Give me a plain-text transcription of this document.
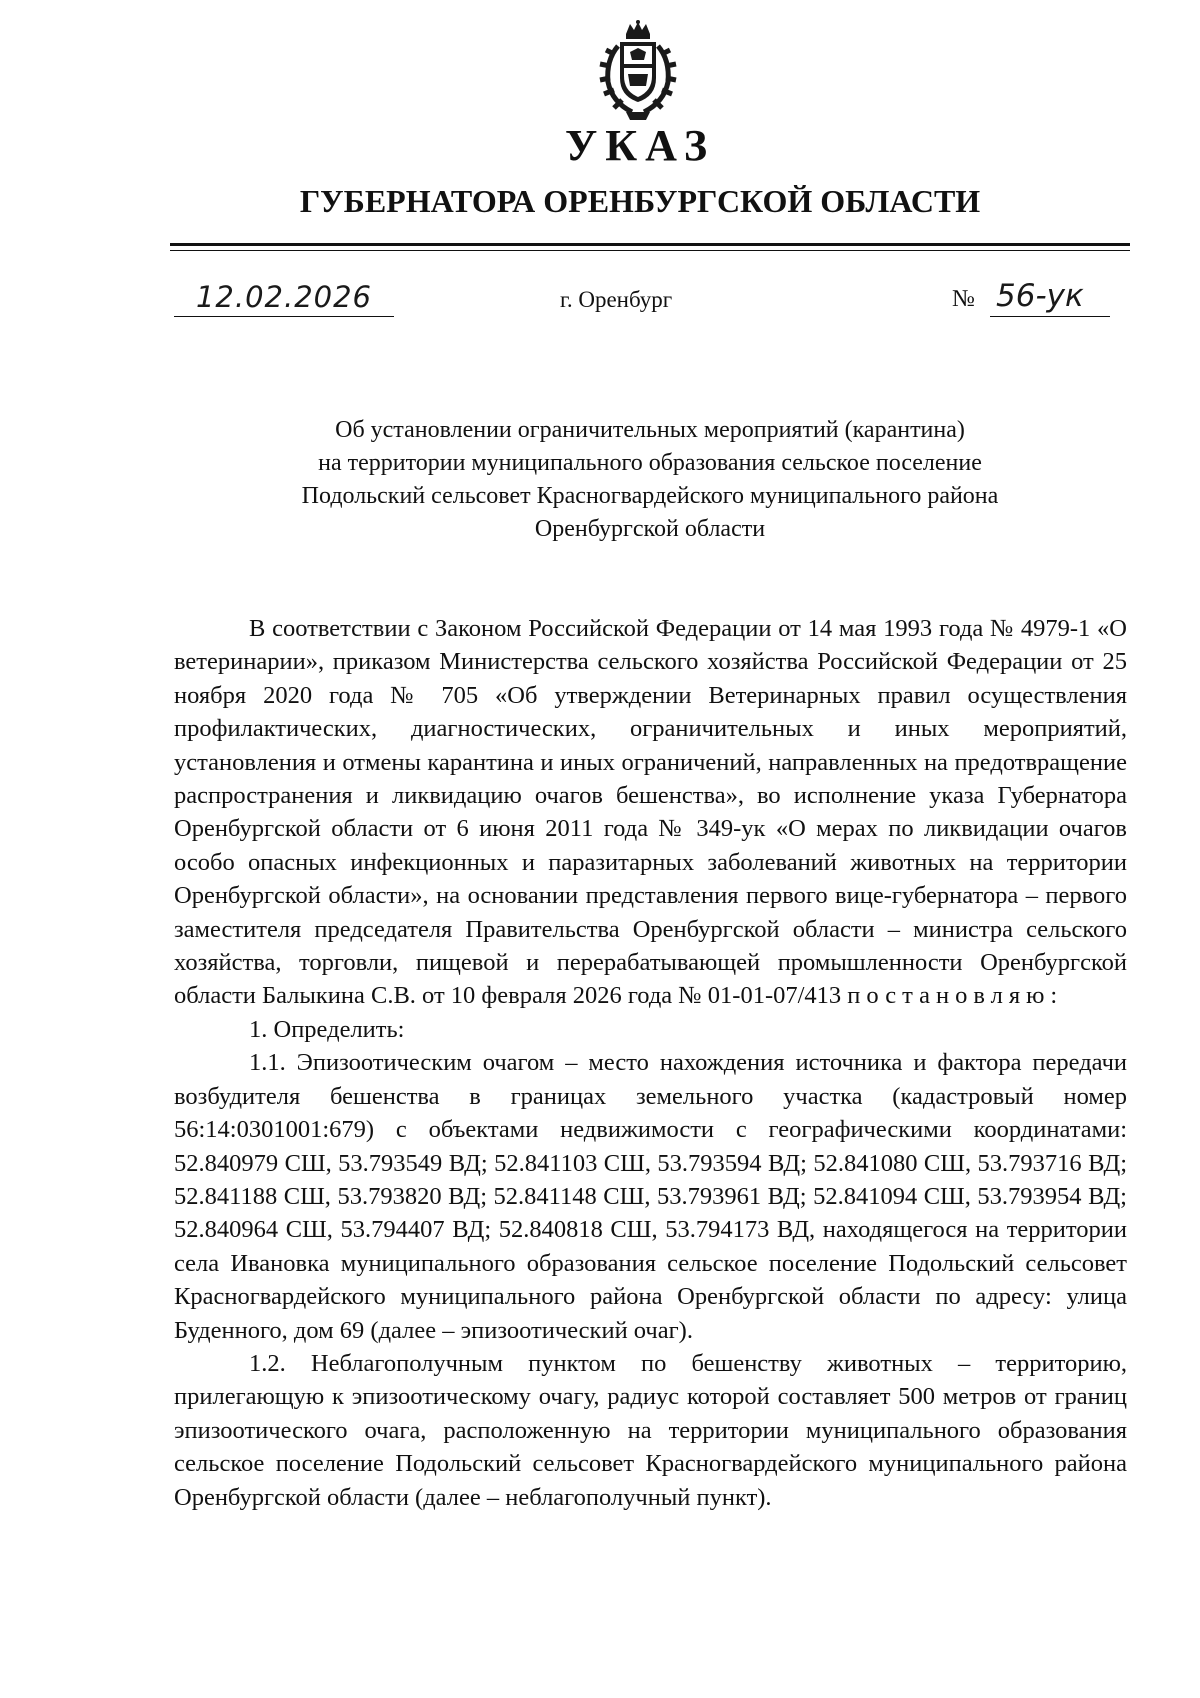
УКАЗ
ГУБЕРНАТОРА ОРЕНБУРГСКОЙ ОБЛАСТИ
12.02.2026	г. Оренбург	№ 56-ук
Об установлении ограничительных мероприятий (карантина)
на территории муниципального образования сельское поселение
Подольский сельсовет Красногвардейского муниципального района
Оренбургской области

В соответствии с Законом Российской Федерации от 14 мая 1993 года № 4979-1 «О ветеринарии», приказом Министерства сельского хозяйства Российской Федерации от 25 ноября 2020 года № 705 «Об утверждении Ветеринарных правил осуществления профилактических, диагностических, ограничительных и иных мероприятий, установления и отмены карантина и иных ограничений, направленных на предотвращение распространения и ликвидацию очагов бешенства», во исполнение указа Губернатора Оренбургской области от 6 июня 2011 года № 349-ук «О мерах по ликвидации очагов особо опасных инфекционных и паразитарных заболеваний животных на территории Оренбургской области», на основании представления первого вице-губернатора – первого заместителя председателя Правительства Оренбургской области – министра сельского хозяйства, торговли, пищевой и перерабатывающей промышленности Оренбургской области Балыкина С.В. от 10 февраля 2026 года № 01-01-07/413 постановляю:

1. Определить:

1.1. Эпизоотическим очагом – место нахождения источника и фактора передачи возбудителя бешенства в границах земельного участка (кадастровый номер 56:14:0301001:679) с объектами недвижимости с географическими координатами: 52.840979 СШ, 53.793549 ВД; 52.841103 СШ, 53.793594 ВД; 52.841080 СШ, 53.793716 ВД; 52.841188 СШ, 53.793820 ВД; 52.841148 СШ, 53.793961 ВД; 52.841094 СШ, 53.793954 ВД; 52.840964 СШ, 53.794407 ВД; 52.840818 СШ, 53.794173 ВД, находящегося на территории села Ивановка муниципального образования сельское поселение Подольский сельсовет Красногвардейского муниципального района Оренбургской области по адресу: улица Буденного, дом 69 (далее – эпизоотический очаг).

1.2. Неблагополучным пунктом по бешенству животных – территорию, прилегающую к эпизоотическому очагу, радиус которой составляет 500 метров от границ эпизоотического очага, расположенную на территории муниципального образования сельское поселение Подольский сельсовет Красногвардейского муниципального района Оренбургской области (далее – неблагополучный пункт).
